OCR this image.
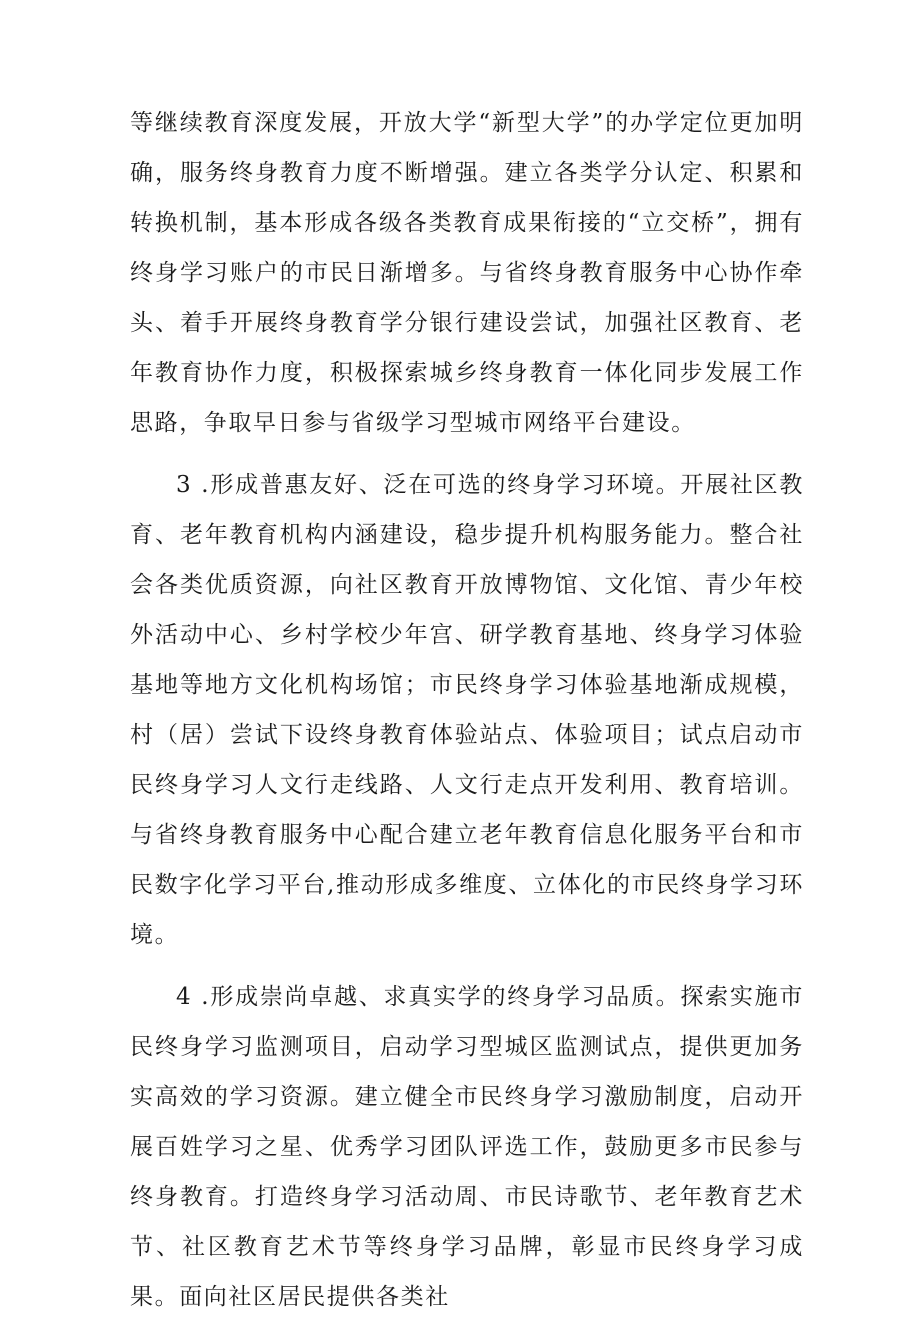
等继续教育深度发展，开放大学“新型大学”的办学定位更加明确，服务终身教育力度不断增强。建立各类学分认定、积累和转换机制，基本形成各级各类教育成果衔接的“立交桥”，拥有终身学习账户的市民日渐增多。与省终身教育服务中心协作牵头、着手开展终身教育学分银行建设尝试，加强社区教育、老年教育协作力度，积极探索城乡终身教育一体化同步发展工作思路，争取早日参与省级学习型城市网络平台建设。

3 .形成普惠友好、泛在可选的终身学习环境。开展社区教育、老年教育机构内涵建设，稳步提升机构服务能力。整合社会各类优质资源，向社区教育开放博物馆、文化馆、青少年校外活动中心、乡村学校少年宫、研学教育基地、终身学习体验基地等地方文化机构场馆；市民终身学习体验基地渐成规模，村（居）尝试下设终身教育体验站点、体验项目；试点启动市民终身学习人文行走线路、人文行走点开发利用、教育培训。与省终身教育服务中心配合建立老年教育信息化服务平台和市民数字化学习平台,推动形成多维度、立体化的市民终身学习环境。

4 .形成崇尚卓越、求真实学的终身学习品质。探索实施市民终身学习监测项目，启动学习型城区监测试点，提供更加务实高效的学习资源。建立健全市民终身学习激励制度，启动开展百姓学习之星、优秀学习团队评选工作，鼓励更多市民参与终身教育。打造终身学习活动周、市民诗歌节、老年教育艺术节、社区教育艺术节等终身学习品牌，彰显市民终身学习成果。面向社区居民提供各类社
